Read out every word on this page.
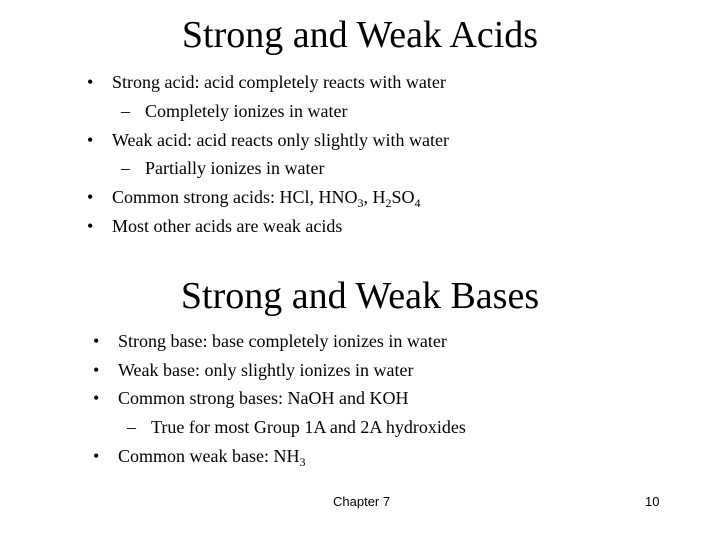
Strong and Weak Acids
• Strong acid: acid completely reacts with water
– Completely ionizes in water
• Weak acid: acid reacts only slightly with water
– Partially ionizes in water
• Common strong acids: HCl, $HNO_3$, $H_2SO_4$
• Most other acids are weak acids
Strong and Weak Bases
• Strong base: base completely ionizes in water
• Weak base: only slightly ionizes in water
• Common strong bases: NaOH and KOH
– True for most Group 1A and 2A hydroxides
• Common weak base: $NH_3$
Chapter 7	10
